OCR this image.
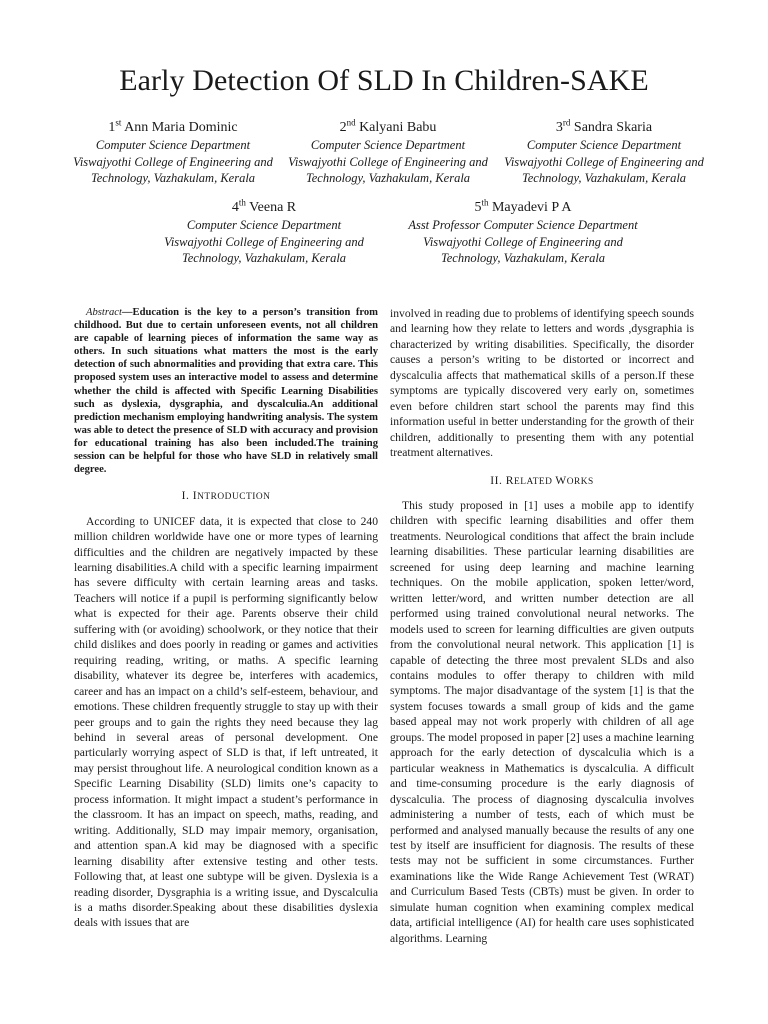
Early Detection Of SLD In Children-SAKE
1st Ann Maria Dominic
Computer Science Department
Viswajyothi College of Engineering and
Technology, Vazhakulam, Kerala
2nd Kalyani Babu
Computer Science Department
Viswajyothi College of Engineering and
Technology, Vazhakulam, Kerala
3rd Sandra Skaria
Computer Science Department
Viswajyothi College of Engineering and
Technology, Vazhakulam, Kerala
4th Veena R
Computer Science Department
Viswajyothi College of Engineering and
Technology, Vazhakulam, Kerala
5th Mayadevi P A
Asst Professor Computer Science Department
Viswajyothi College of Engineering and
Technology, Vazhakulam, Kerala

Abstract—Education is the key to a person’s transition from childhood. But due to certain unforeseen events, not all children are capable of learning pieces of information the same way as others. In such situations what matters the most is the early detection of such abnormalities and providing that extra care. This proposed system uses an interactive model to assess and determine whether the child is affected with Specific Learning Disabilities such as dyslexia, dysgraphia, and dyscalculia.An additional prediction mechanism employing handwriting analysis. The system was able to detect the presence of SLD with accuracy and provision for educational training has also been included.The training session can be helpful for those who have SLD in relatively small degree.

I. INTRODUCTION

According to UNICEF data, it is expected that close to 240 million children worldwide have one or more types of learning difficulties and the children are negatively impacted by these learning disabilities.A child with a specific learning impairment has severe difficulty with certain learning areas and tasks. Teachers will notice if a pupil is performing significantly below what is expected for their age. Parents observe their child suffering with (or avoiding) schoolwork, or they notice that their child dislikes and does poorly in reading or games and activities requiring reading, writing, or maths. A specific learning disability, whatever its degree be, interferes with academics, career and has an impact on a child’s self-esteem, behaviour, and emotions. These children frequently struggle to stay up with their peer groups and to gain the rights they need because they lag behind in several areas of personal development. One particularly worrying aspect of SLD is that, if left untreated, it may persist throughout life. A neurological condition known as a Specific Learning Disability (SLD) limits one’s capacity to process information. It might impact a student’s performance in the classroom. It has an impact on speech, maths, reading, and writing. Additionally, SLD may impair memory, organisation, and attention span.A kid may be diagnosed with a specific learning disability after extensive testing and other tests. Following that, at least one subtype will be given. Dyslexia is a reading disorder, Dysgraphia is a writing issue, and Dyscalculia is a maths disorder.Speaking about these disabilities dyslexia deals with issues that are

involved in reading due to problems of identifying speech sounds and learning how they relate to letters and words ,dysgraphia is characterized by writing disabilities. Specifically, the disorder causes a person’s writing to be distorted or incorrect and dyscalculia affects that mathematical skills of a person.If these symptoms are typically discovered very early on, sometimes even before children start school the parents may find this information useful in better understanding for the growth of their children, additionally to presenting them with any potential treatment alternatives.

II. RELATED WORKS

This study proposed in [1] uses a mobile app to identify children with specific learning disabilities and offer them treatments. Neurological conditions that affect the brain include learning disabilities. These particular learning disabilities are screened for using deep learning and machine learning techniques. On the mobile application, spoken letter/word, written letter/word, and written number detection are all performed using trained convolutional neural networks. The models used to screen for learning difficulties are given outputs from the convolutional neural network. This application [1] is capable of detecting the three most prevalent SLDs and also contains modules to offer therapy to children with mild symptoms. The major disadvantage of the system [1] is that the system focuses towards a small group of kids and the game based appeal may not work properly with children of all age groups. The model proposed in paper [2] uses a machine learning approach for the early detection of dyscalculia which is a particular weakness in Mathematics is dyscalculia. A difficult and time-consuming procedure is the early diagnosis of dyscalculia. The process of diagnosing dyscalculia involves administering a number of tests, each of which must be performed and analysed manually because the results of any one test by itself are insufficient for diagnosis. The results of these tests may not be sufficient in some circumstances. Further examinations like the Wide Range Achievement Test (WRAT) and Curriculum Based Tests (CBTs) must be given. In order to simulate human cognition when examining complex medical data, artificial intelligence (AI) for health care uses sophisticated algorithms. Learning
